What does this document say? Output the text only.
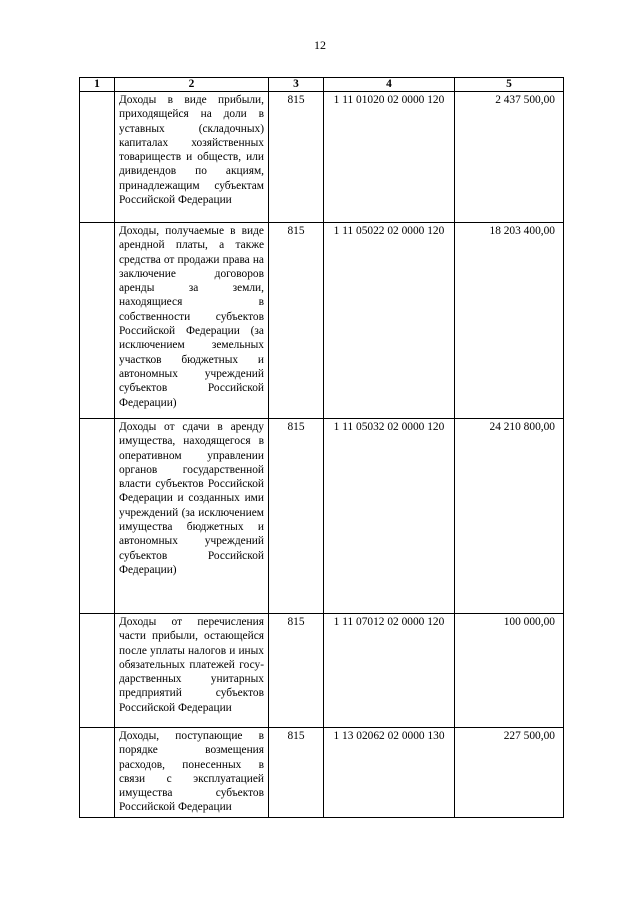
12
1	2	3	4	5
	Доходы в виде прибыли, приходящейся на доли в уставных (складочных) капиталах хозяйственных товариществ и обществ, или дивидендов по акциям, принадлежащим субъектам Российской Федерации	815	1 11 01020 02 0000 120	2 437 500,00
	Доходы, получаемые в виде арендной платы, а также средства от продажи права на заключение договоров аренды за земли, находящиеся в собственности субъектов Российской Федерации (за исключением земельных участков бюджетных и автономных учреждений субъектов Российской Федерации)	815	1 11 05022 02 0000 120	18 203 400,00
	Доходы от сдачи в аренду имущества, находящегося в оперативном управлении органов государственной власти субъектов Российской Федерации и созданных ими учреждений (за исключением имущества бюджетных и автономных учреждений субъектов Российской Федерации)	815	1 11 05032 02 0000 120	24 210 800,00
	Доходы от перечисления части прибыли, остающейся после уплаты налогов и иных обязательных платежей государственных унитарных предприятий субъектов Российской Федерации	815	1 11 07012 02 0000 120	100 000,00
	Доходы, поступающие в порядке возмещения расходов, понесенных в связи с эксплуатацией имущества субъектов Российской Федерации	815	1 13 02062 02 0000 130	227 500,00
